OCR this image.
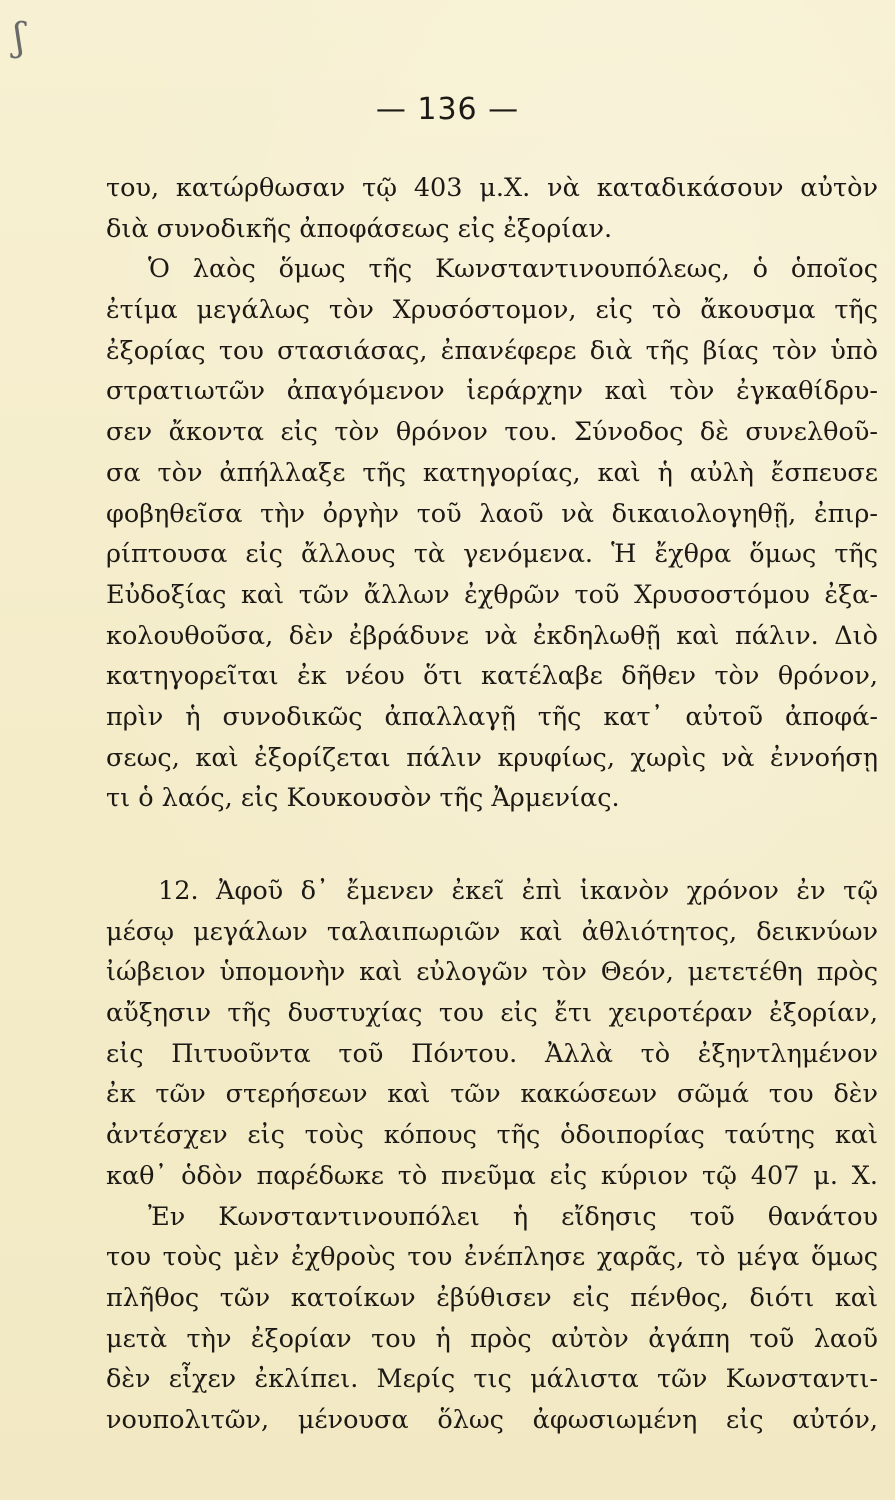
ʃ
— 136 —
του, κατώρθωσαν τῷ 403 μ.Χ. νὰ καταδικάσουν αὐτὸν
διὰ συνοδικῆς ἀποφάσεως εἰς ἐξορίαν.
Ὁ λαὸς ὅμως τῆς Κωνσταντινουπόλεως, ὁ ὁποῖος
ἐτίμα μεγάλως τὸν Χρυσόστομον, εἰς τὸ ἄκουσμα τῆς
ἐξορίας του στασιάσας, ἐπανέφερε διὰ τῆς βίας τὸν ὑπὸ
στρατιωτῶν ἀπαγόμενον ἱεράρχην καὶ τὸν ἐγκαθίδρυ-
σεν ἄκοντα εἰς τὸν θρόνον του. Σύνοδος δὲ συνελθοῦ-
σα τὸν ἀπήλλαξε τῆς κατηγορίας, καὶ ἡ αὐλὴ ἔσπευσε
φοβηθεῖσα τὴν ὀργὴν τοῦ λαοῦ νὰ δικαιολογηθῇ, ἐπιρ-
ρίπτουσα εἰς ἄλλους τὰ γενόμενα. Ἡ ἔχθρα ὅμως τῆς
Εὐδοξίας καὶ τῶν ἄλλων ἐχθρῶν τοῦ Χρυσοστόμου ἐξα-
κολουθοῦσα, δὲν ἐβράδυνε νὰ ἐκδηλωθῇ καὶ πάλιν. Διὸ
κατηγορεῖται ἐκ νέου ὅτι κατέλαβε δῆθεν τὸν θρόνον,
πρὶν ἡ συνοδικῶς ἀπαλλαγῇ τῆς κατ᾽ αὐτοῦ ἀποφά-
σεως, καὶ ἐξορίζεται πάλιν κρυφίως, χωρὶς νὰ ἐννοήσῃ
τι ὁ λαός, εἰς Κουκουσὸν τῆς Ἀρμενίας.
12. Ἀφοῦ δ᾽ ἔμενεν ἐκεῖ ἐπὶ ἱκανὸν χρόνον ἐν τῷ
μέσῳ μεγάλων ταλαιπωριῶν καὶ ἀθλιότητος, δεικνύων
ἰώβειον ὑπομονὴν καὶ εὐλογῶν τὸν Θεόν, μετετέθη πρὸς
αὔξησιν τῆς δυστυχίας του εἰς ἔτι χειροτέραν ἐξορίαν,
εἰς Πιτυοῦντα τοῦ Πόντου. Ἀλλὰ τὸ ἐξηντλημένον
ἐκ τῶν στερήσεων καὶ τῶν κακώσεων σῶμά του δὲν
ἀντέσχεν εἰς τοὺς κόπους τῆς ὁδοιπορίας ταύτης καὶ
καθ᾽ ὁδὸν παρέδωκε τὸ πνεῦμα εἰς κύριον τῷ 407 μ. Χ.
Ἐν Κωνσταντινουπόλει ἡ εἴδησις τοῦ θανάτου
του τοὺς μὲν ἐχθροὺς του ἐνέπλησε χαρᾶς, τὸ μέγα ὅμως
πλῆθος τῶν κατοίκων ἐβύθισεν εἰς πένθος, διότι καὶ
μετὰ τὴν ἐξορίαν του ἡ πρὸς αὐτὸν ἀγάπη τοῦ λαοῦ
δὲν εἶχεν ἐκλίπει. Μερίς τις μάλιστα τῶν Κωνσταντι-
νουπολιτῶν, μένουσα ὅλως ἀφωσιωμένη εἰς αὐτόν,
